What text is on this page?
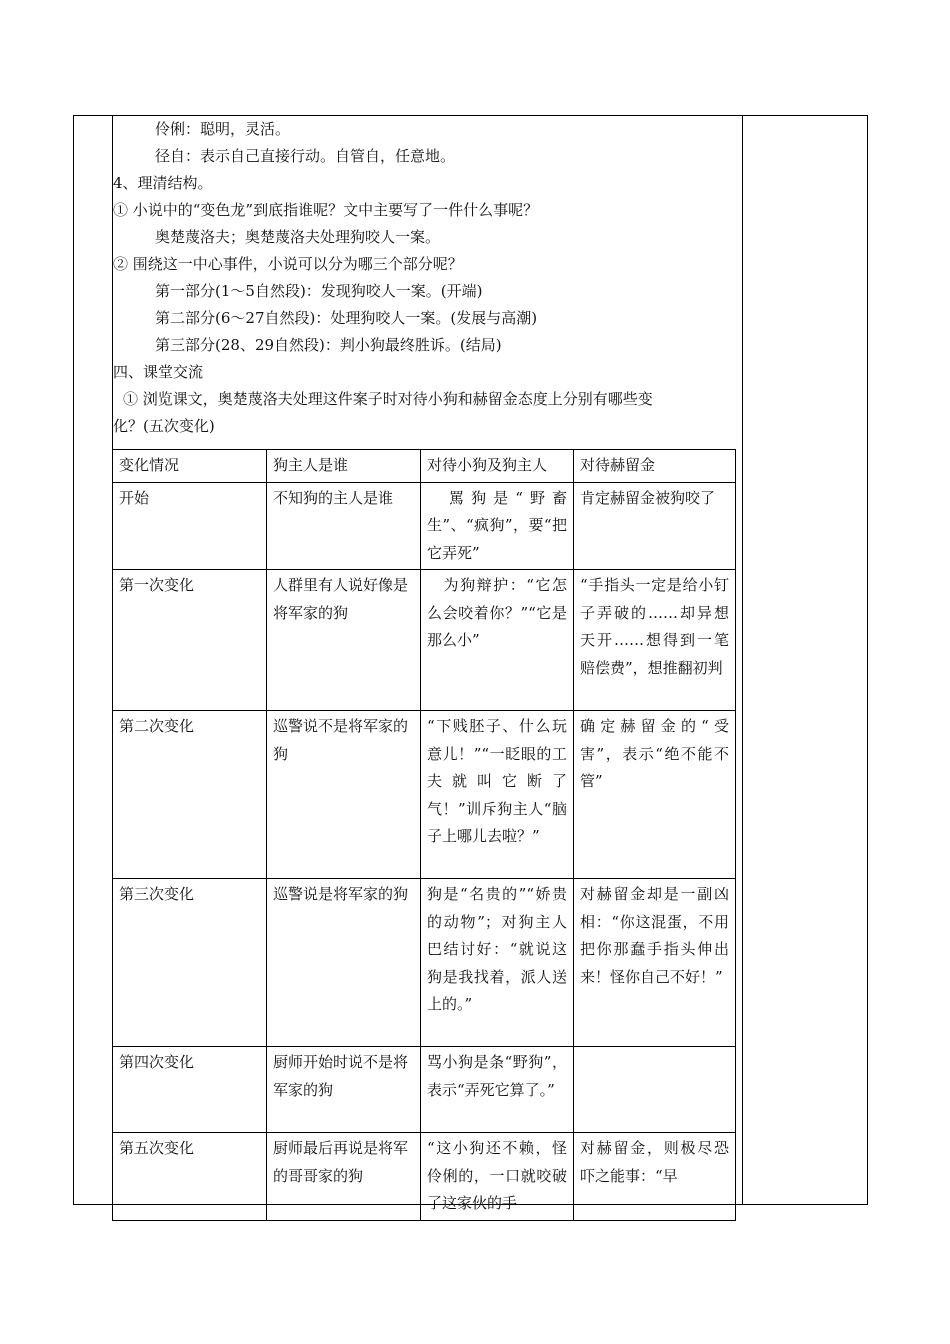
伶俐：聪明，灵活。
径自：表示自己直接行动。自管自，任意地。
4、理清结构。
① 小说中的“变色龙”到底指谁呢？文中主要写了一件什么事呢？
奥楚蔑洛夫；奥楚蔑洛夫处理狗咬人一案。
② 围绕这一中心事件，小说可以分为哪三个部分呢？
第一部分(1～5自然段)：发现狗咬人一案。(开端)
第二部分(6～27自然段)：处理狗咬人一案。(发展与高潮)
第三部分(28、29自然段)：判小狗最终胜诉。(结局)
四、课堂交流
① 浏览课文，奥楚蔑洛夫处理这件案子时对待小狗和赫留金态度上分别有哪些变
化？(五次变化)
变化情况	狗主人是谁	对待小狗及狗主人	对待赫留金
开始	不知狗的主人是谁	　罵狗是“野畜生”、“疯狗”，要“把它弄死”	肯定赫留金被狗咬了
第一次变化	人群里有人说好像是将军家的狗	　为狗辩护：“它怎么会咬着你？”“它是那么小”	“手指头一定是给小钉子弄破的……却异想天开……想得到一笔赔偿费”，想推翻初判
第二次变化	巡警说不是将军家的狗	“下贱胚子、什么玩意儿！”“一眨眼的工夫就叫它断了气！”训斥狗主人“脑子上哪儿去啦？”	确定赫留金的“受害”，表示“绝不能不管”
第三次变化	巡警说是将军家的狗	狗是“名贵的”“娇贵的动物”；对狗主人巴结讨好：“就说这狗是我找着，派人送上的。”	对赫留金却是一副凶相：“你这混蛋，不用把你那蠢手指头伸出来！怪你自己不好！”
第四次变化	厨师开始时说不是将军家的狗	骂小狗是条“野狗”，表示“弄死它算了。”	
第五次变化	厨师最后再说是将军的哥哥家的狗	“这小狗还不赖，怪伶俐的，一口就咬破了这家伙的手	对赫留金，则极尽恐吓之能事：“早
